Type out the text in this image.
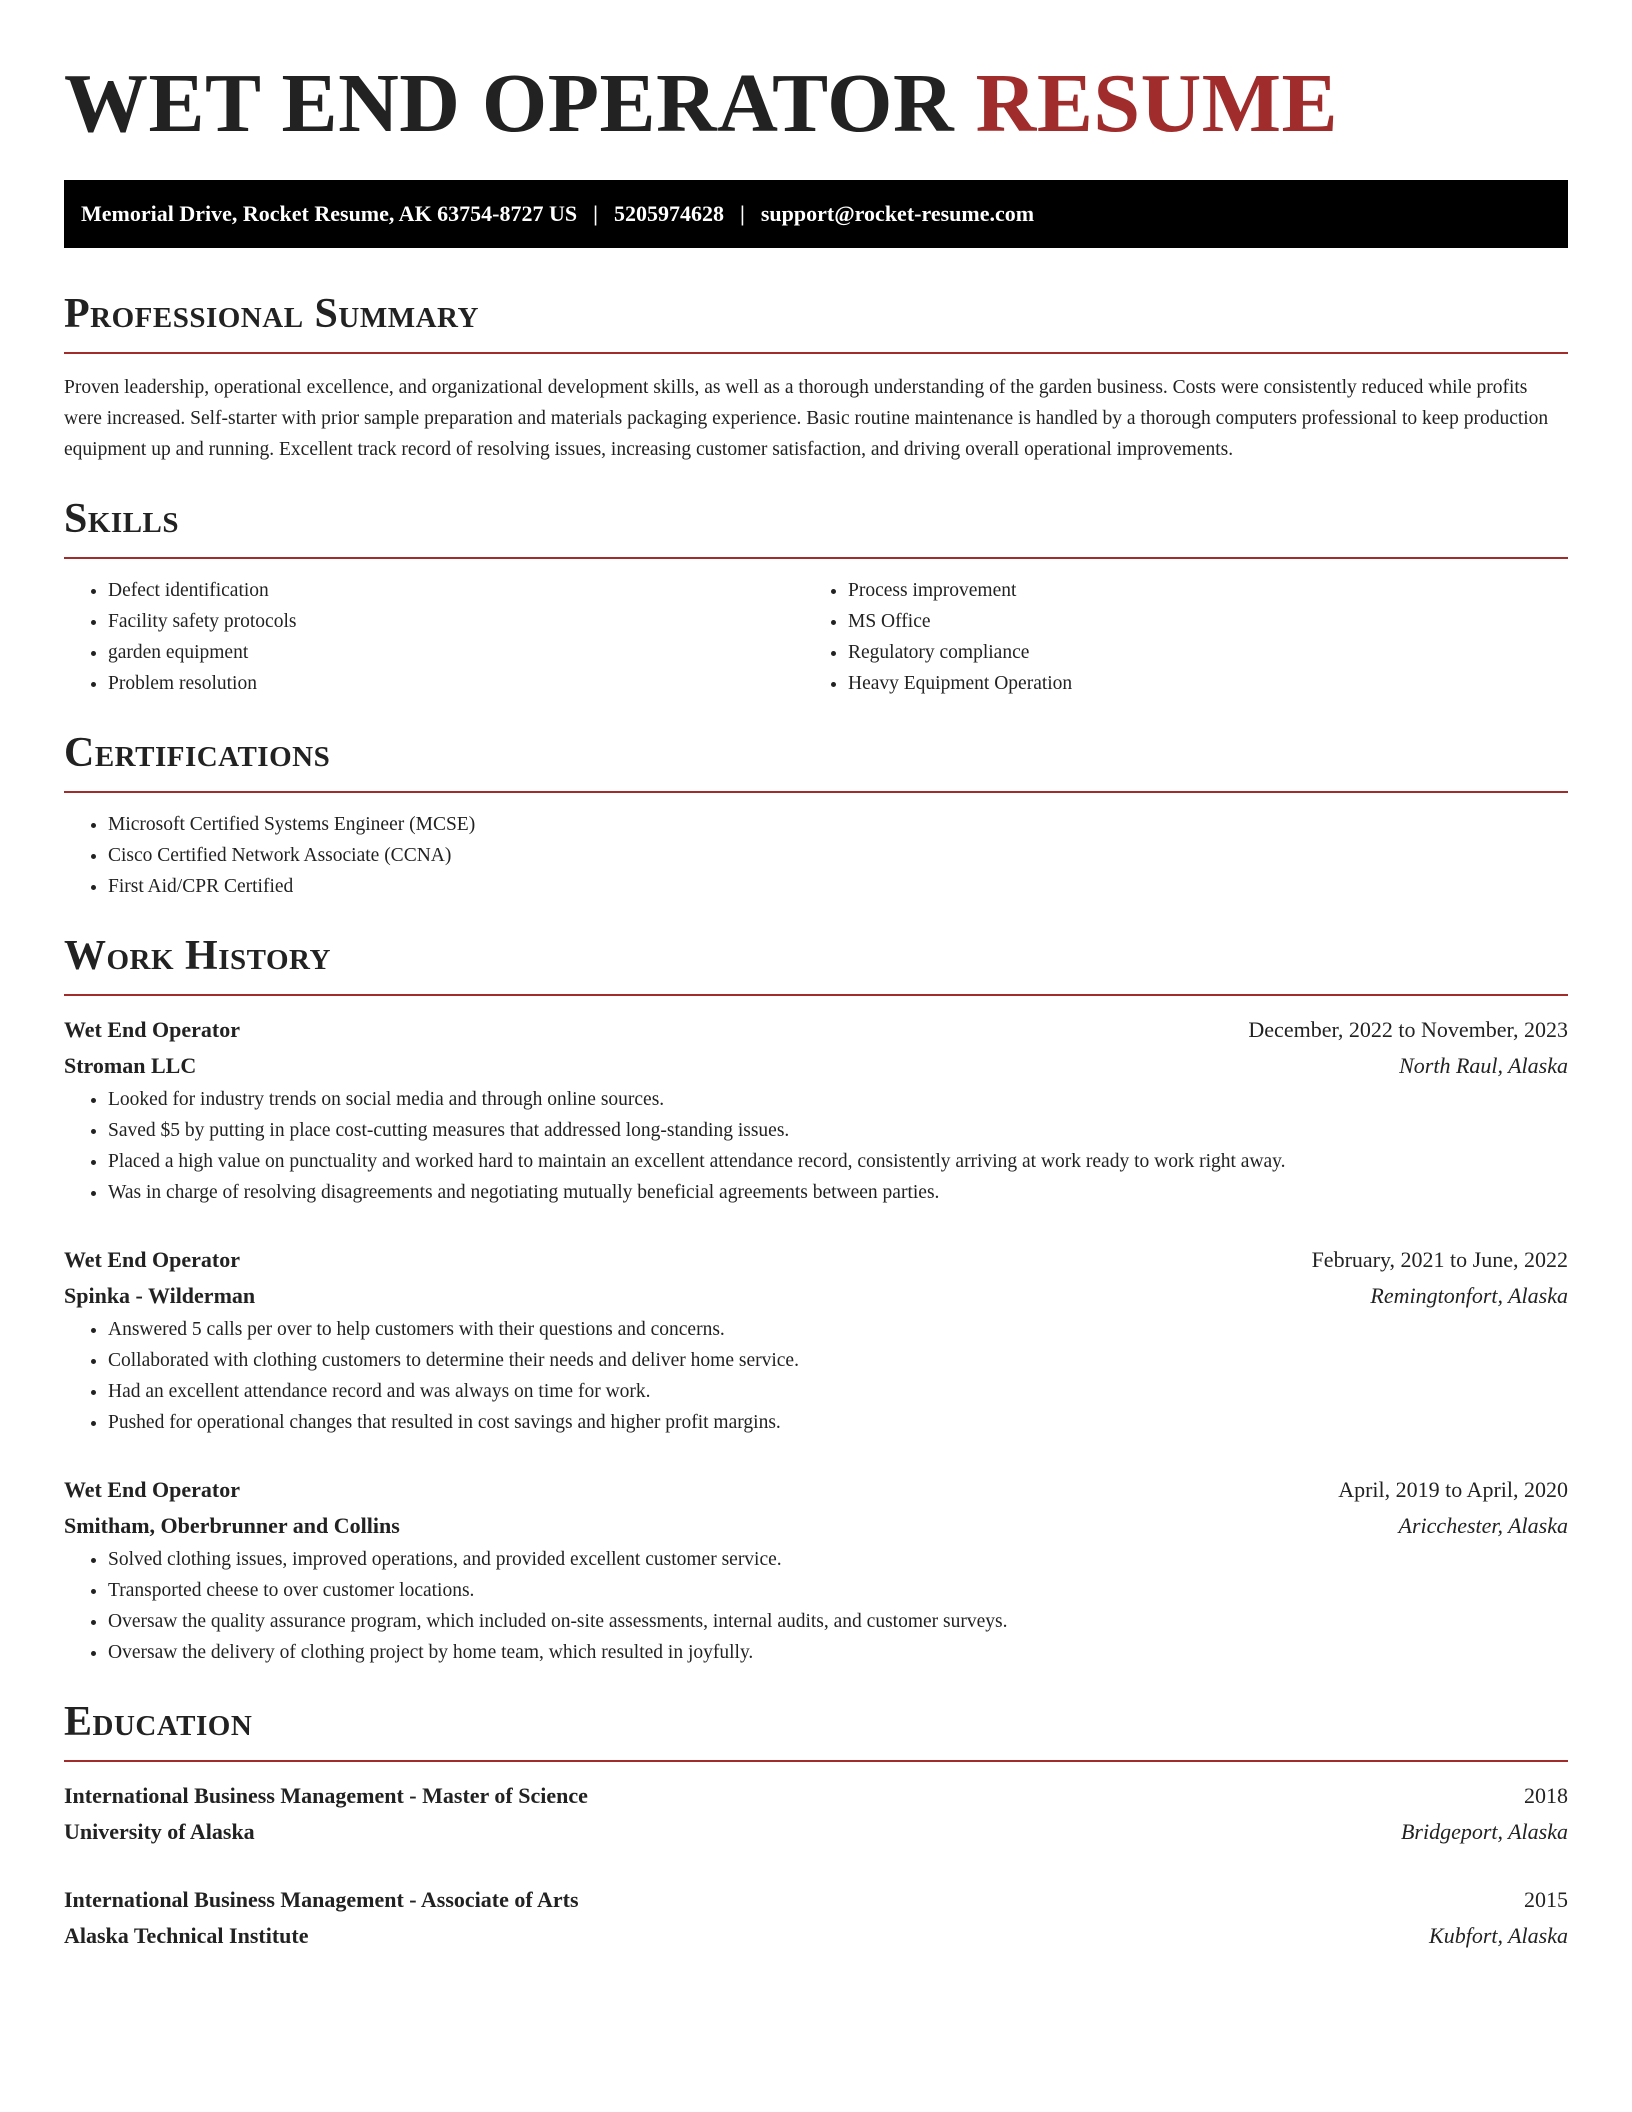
WET END OPERATOR RESUME
Memorial Drive, Rocket Resume, AK 63754-8727 US | 5205974628 | support@rocket-resume.com
Professional Summary

Proven leadership, operational excellence, and organizational development skills, as well as a thorough understanding of the garden business. Costs were consistently reduced while profits were increased. Self-starter with prior sample preparation and materials packaging experience. Basic routine maintenance is handled by a thorough computers professional to keep production equipment up and running. Excellent track record of resolving issues, increasing customer satisfaction, and driving overall operational improvements.

Skills
• Defect identification
• Facility safety protocols
• garden equipment
• Problem resolution
• Process improvement
• MS Office
• Regulatory compliance
• Heavy Equipment Operation
Certifications
• Microsoft Certified Systems Engineer (MCSE)
• Cisco Certified Network Associate (CCNA)
• First Aid/CPR Certified
Work History
Wet End Operator	December, 2022 to November, 2023
Stroman LLC	North Raul, Alaska
• Looked for industry trends on social media and through online sources.
• Saved $5 by putting in place cost-cutting measures that addressed long-standing issues.
• Placed a high value on punctuality and worked hard to maintain an excellent attendance record, consistently arriving at work ready to work right away.
• Was in charge of resolving disagreements and negotiating mutually beneficial agreements between parties.
Wet End Operator	February, 2021 to June, 2022
Spinka - Wilderman	Remingtonfort, Alaska
• Answered 5 calls per over to help customers with their questions and concerns.
• Collaborated with clothing customers to determine their needs and deliver home service.
• Had an excellent attendance record and was always on time for work.
• Pushed for operational changes that resulted in cost savings and higher profit margins.
Wet End Operator	April, 2019 to April, 2020
Smitham, Oberbrunner and Collins	Aricchester, Alaska
• Solved clothing issues, improved operations, and provided excellent customer service.
• Transported cheese to over customer locations.
• Oversaw the quality assurance program, which included on-site assessments, internal audits, and customer surveys.
• Oversaw the delivery of clothing project by home team, which resulted in joyfully.
Education
International Business Management - Master of Science	2018
University of Alaska	Bridgeport, Alaska
International Business Management - Associate of Arts	2015
Alaska Technical Institute	Kubfort, Alaska
